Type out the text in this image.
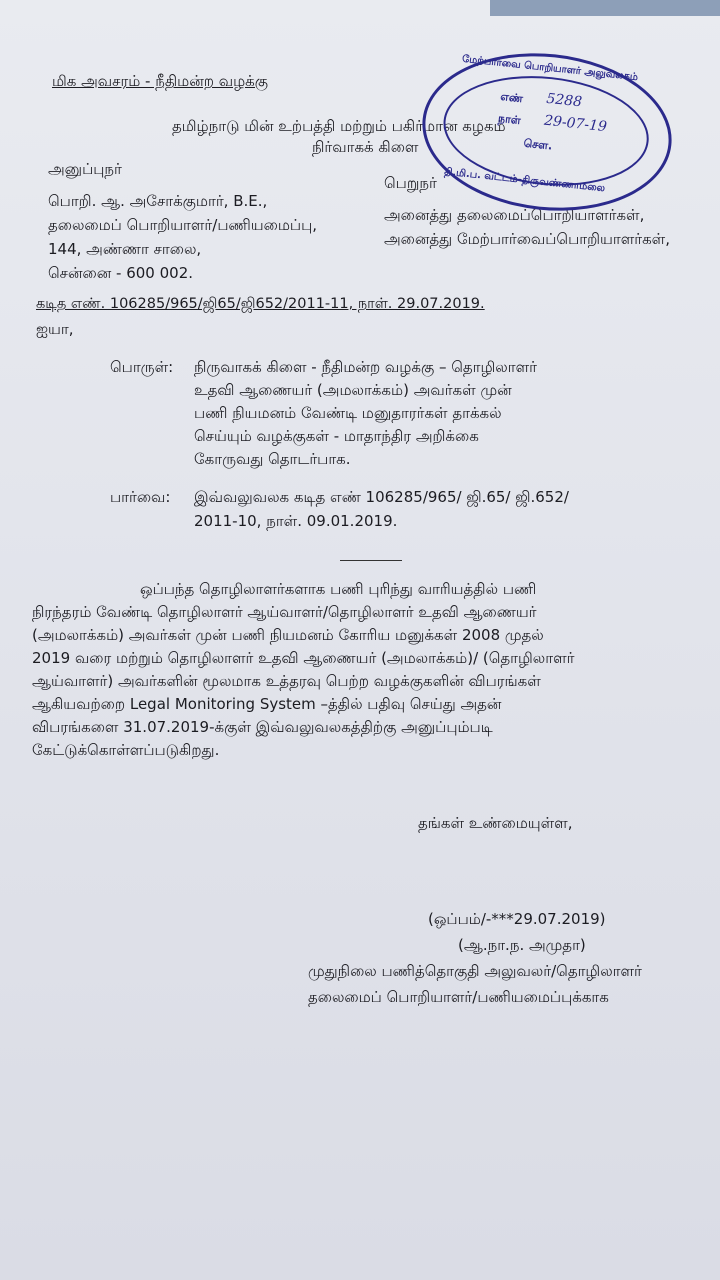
மிக அவசரம் - நீதிமன்ற வழக்கு
தமிழ்நாடு மின் உற்பத்தி மற்றும் பகிர்மான கழகம்
நிர்வாகக் கிளை
அனுப்புநர்
பொறி. ஆ. அசோக்குமார், B.E.,
தலைமைப் பொறியாளர்/பணியமைப்பு,
144, அண்ணா சாலை,
சென்னை - 600 002.
பெறுநர்
அனைத்து தலைமைப்பொறியாளர்கள்,
அனைத்து மேற்பார்வைப்பொறியாளர்கள்,
கடித எண். 106285/965/ஜி65/ஜி652/2011-11, நாள். 29.07.2019.
ஐயா,
பொருள்: நிருவாகக் கிளை - நீதிமன்ற வழக்கு – தொழிலாளர்
உதவி ஆணையர் (அமலாக்கம்) அவர்கள் முன்
பணி நியமனம் வேண்டி மனுதாரர்கள் தாக்கல்
செய்யும் வழக்குகள் - மாதாந்திர அறிக்கை
கோருவது தொடர்பாக.
பார்வை: இவ்வலுவலக கடித எண் 106285/965/ ஜி.65/ ஜி.652/
2011-10, நாள். 09.01.2019.
ஒப்பந்த தொழிலாளர்களாக பணி புரிந்து வாரியத்தில் பணி
நிரந்தரம் வேண்டி தொழிலாளர் ஆய்வாளர்/தொழிலாளர் உதவி ஆணையர்
(அமலாக்கம்) அவர்கள் முன் பணி நியமனம் கோரிய மனுக்கள் 2008 முதல்
2019 வரை மற்றும் தொழிலாளர் உதவி ஆணையர் (அமலாக்கம்)/ (தொழிலாளர்
ஆய்வாளர்) அவர்களின் மூலமாக உத்தரவு பெற்ற வழக்குகளின் விபரங்கள்
ஆகியவற்றை Legal Monitoring System –த்தில் பதிவு செய்து அதன்
விபரங்களை 31.07.2019-க்குள் இவ்வலுவலகத்திற்கு அனுப்பும்படி
கேட்டுக்கொள்ளப்படுகிறது.
தங்கள் உண்மையுள்ள,
(ஒப்பம்/-***29.07.2019)
(ஆ.நா.ந. அமுதா)
முதுநிலை பணித்தொகுதி அலுவலர்/தொழிலாளர்
தலைமைப் பொறியாளர்/பணியமைப்புக்காக
மேற்பார்வை பொறியாளர் அலுவலகம்
எண் 5288
நாள் 29-07-19
சௌ.
தி.மி.ப. வட்டம்-திருவண்ணாமலை
